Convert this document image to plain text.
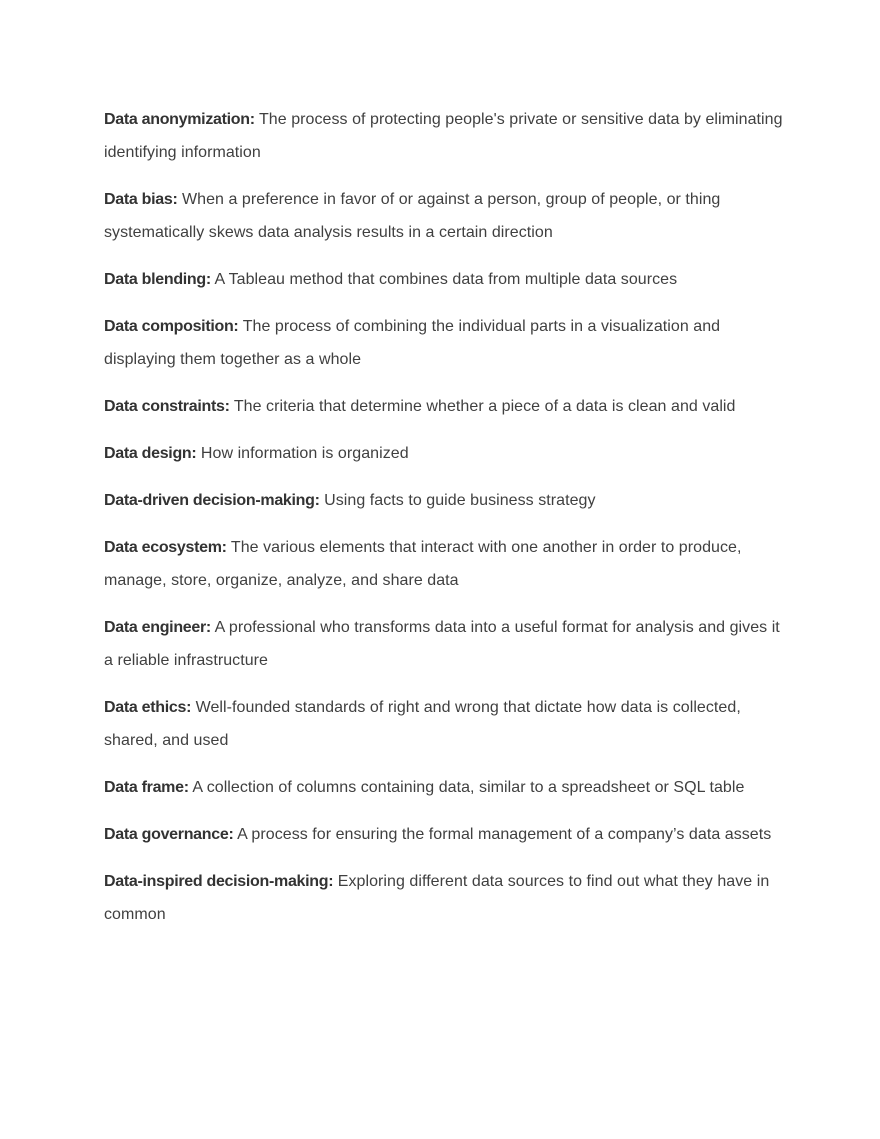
Data anonymization: The process of protecting people's private or sensitive data by eliminating identifying information

Data bias: When a preference in favor of or against a person, group of people, or thing systematically skews data analysis results in a certain direction

Data blending: A Tableau method that combines data from multiple data sources

Data composition: The process of combining the individual parts in a visualization and displaying them together as a whole

Data constraints: The criteria that determine whether a piece of a data is clean and valid

Data design: How information is organized

Data-driven decision-making: Using facts to guide business strategy

Data ecosystem: The various elements that interact with one another in order to produce, manage, store, organize, analyze, and share data

Data engineer: A professional who transforms data into a useful format for analysis and gives it a reliable infrastructure

Data ethics: Well-founded standards of right and wrong that dictate how data is collected, shared, and used

Data frame: A collection of columns containing data, similar to a spreadsheet or SQL table

Data governance: A process for ensuring the formal management of a company’s data assets

Data-inspired decision-making: Exploring different data sources to find out what they have in common
